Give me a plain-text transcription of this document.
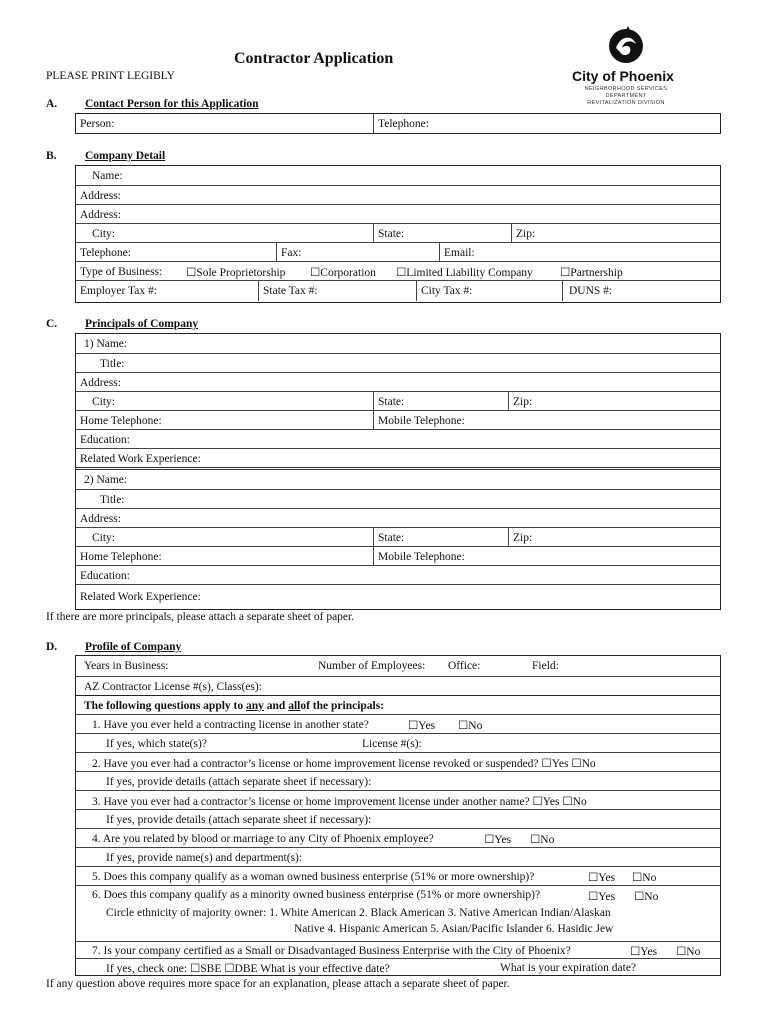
Contractor Application
PLEASE PRINT LEGIBLY	City of Phoenix
NEIGHBORHOOD SERVICES DEPARTMENT
REVITALIZATION DIVISION
A. Contact Person for this Application
Person:	Telephone:
B. Company Detail
Name:
Address:
Address:
City:	State:	Zip:
Telephone:	Fax:	Email:
Type of Business:	☐Sole Proprietorship	☐Corporation	☐Limited Liability Company	☐Partnership
Employer Tax #:	State Tax #:	City Tax #:	DUNS #:
C. Principals of Company
1) Name:
Title:
Address:
City:	State:	Zip:
Home Telephone:	Mobile Telephone:
Education:
Related Work Experience:
2) Name:
Title:
Address:
City:	State:	Zip:
Home Telephone:	Mobile Telephone:
Education:
Related Work Experience:
If there are more principals, please attach a separate sheet of paper.
D. Profile of Company
Years in Business:	Number of Employees:	Office:	Field:
AZ Contractor License #(s), Class(es):
The following questions apply to
any
and
all of the principals:
1. Have you ever held a contracting license in another state?	☐Yes	☐No
If yes, which state(s)?	License #(s):
2. Have you ever had a contractor’s license or home improvement license revoked or suspended? ☐Yes ☐No
If yes, provide details (attach separate sheet if necessary):
3. Have you ever had a contractor’s license or home improvement license under another name? ☐Yes ☐No
If yes, provide details (attach separate sheet if necessary):
4. Are you related by blood or marriage to any City of Phoenix employee?	☐Yes	☐No
If yes, provide name(s) and department(s):
5. Does this company qualify as a woman owned business enterprise (51% or more ownership)?	☐Yes	☐No
6. Does this company qualify as a minority owned business enterprise (51% or more ownership)?	☐Yes ☐No
Circle ethnicity of majority owner: 1. White American 2. Black American 3. Native American Indian/Alaskan
Native 4. Hispanic American 5. Asian/Pacific Islander 6. Hasidic Jew
7. Is your company certified as a Small or Disadvantaged Business Enterprise with the City of Phoenix?	☐Yes	☐No
If yes, check one: ☐SBE ☐DBE What is your effective date?	What is your expiration date?
If any question above requires more space for an explanation, please attach a separate sheet of paper.
